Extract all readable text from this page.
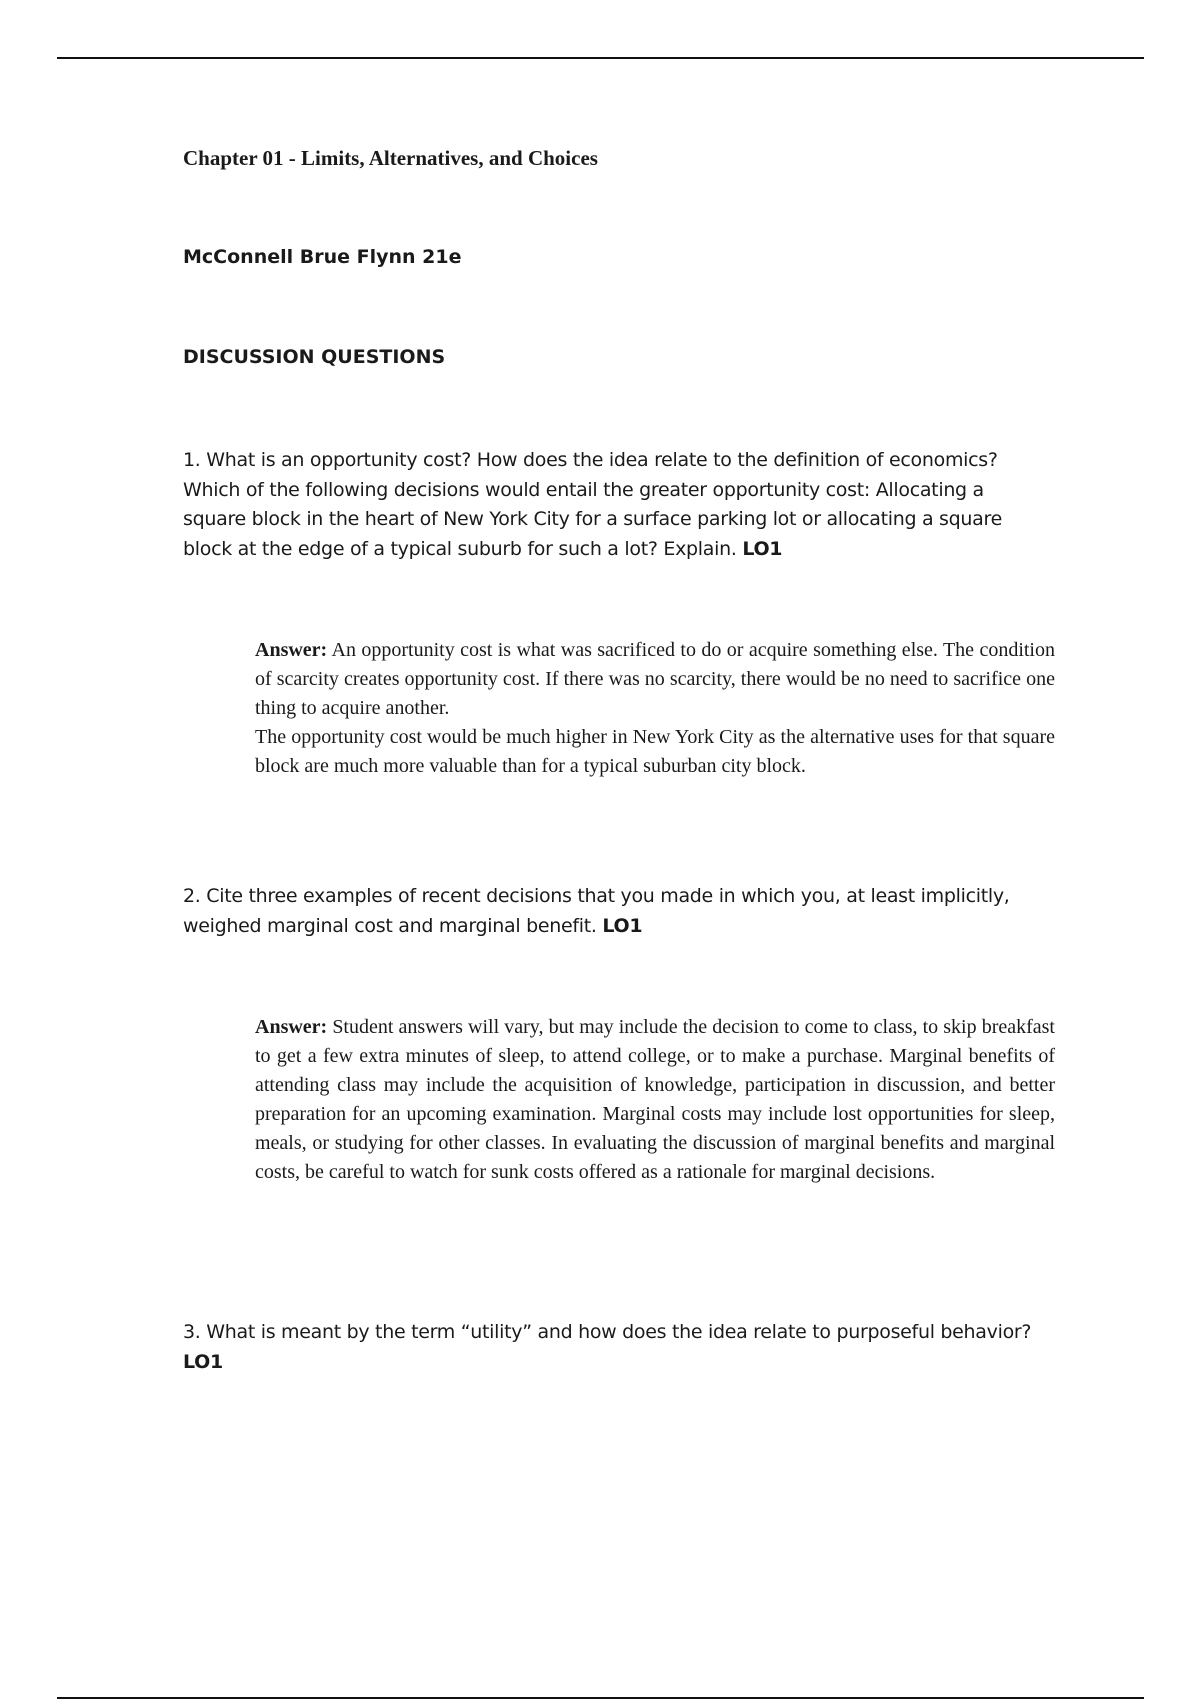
Chapter 01 - Limits, Alternatives, and Choices
McConnell Brue Flynn 21e
DISCUSSION QUESTIONS

1. What is an opportunity cost? How does the idea relate to the definition of economics? Which of the following decisions would entail the greater opportunity cost: Allocating a square block in the heart of New York City for a surface parking lot or allocating a square block at the edge of a typical suburb for such a lot? Explain. LO1

Answer: An opportunity cost is what was sacrificed to do or acquire something else. The condition of scarcity creates opportunity cost. If there was no scarcity, there would be no need to sacrifice one thing to acquire another.
The opportunity cost would be much higher in New York City as the alternative uses for that square block are much more valuable than for a typical suburban city block.

2. Cite three examples of recent decisions that you made in which you, at least implicitly, weighed marginal cost and marginal benefit. LO1

Answer: Student answers will vary, but may include the decision to come to class, to skip breakfast to get a few extra minutes of sleep, to attend college, or to make a purchase. Marginal benefits of attending class may include the acquisition of knowledge, participation in discussion, and better preparation for an upcoming examination. Marginal costs may include lost opportunities for sleep, meals, or studying for other classes. In evaluating the discussion of marginal benefits and marginal costs, be careful to watch for sunk costs offered as a rationale for marginal decisions.

3. What is meant by the term “utility” and how does the idea relate to purposeful behavior? LO1
